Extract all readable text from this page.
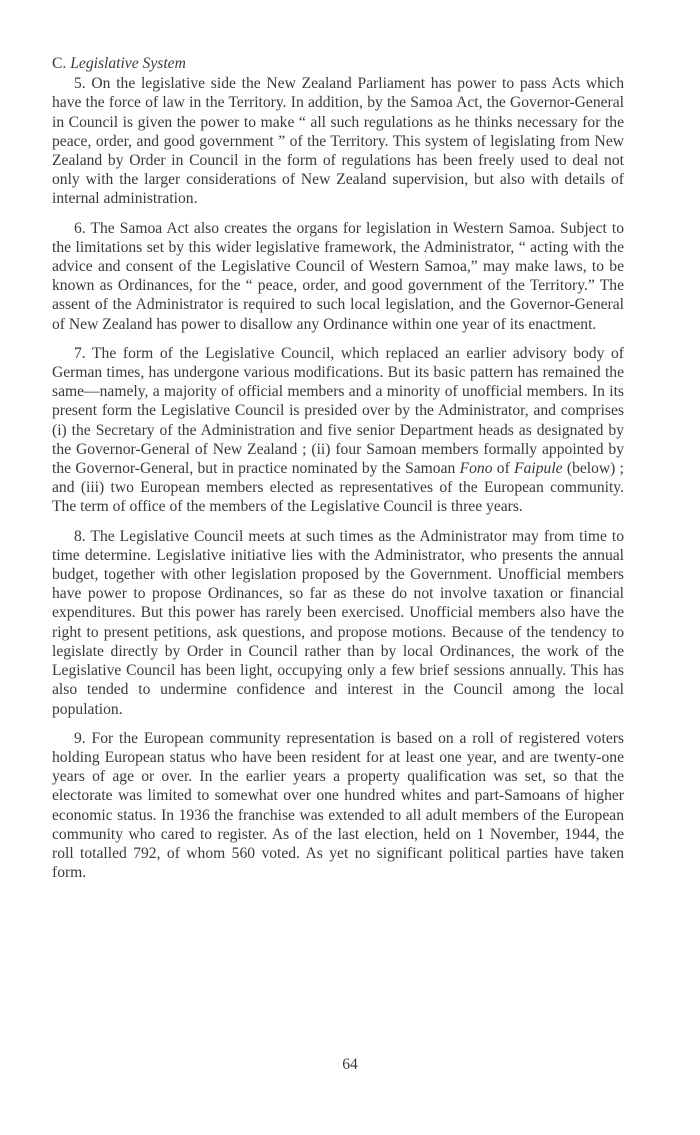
C. Legislative System

5. On the legislative side the New Zealand Parliament has power to pass Acts which have the force of law in the Territory. In addition, by the Samoa Act, the Governor-General in Council is given the power to make “ all such regulations as he thinks necessary for the peace, order, and good government ” of the Territory. This system of legislating from New Zealand by Order in Council in the form of regulations has been freely used to deal not only with the larger considerations of New Zealand supervision, but also with details of internal administration.

6. The Samoa Act also creates the organs for legislation in Western Samoa. Subject to the limitations set by this wider legislative framework, the Administrator, “ acting with the advice and consent of the Legislative Council of Western Samoa,” may make laws, to be known as Ordinances, for the “ peace, order, and good government of the Territory.” The assent of the Administrator is required to such local legislation, and the Governor-General of New Zealand has power to disallow any Ordinance within one year of its enactment.

7. The form of the Legislative Council, which replaced an earlier advisory body of German times, has undergone various modifications. But its basic pattern has remained the same—namely, a majority of official members and a minority of unofficial members. In its present form the Legislative Council is presided over by the Administrator, and comprises (i) the Secretary of the Administration and five senior Department heads as designated by the Governor-General of New Zealand ; (ii) four Samoan members formally appointed by the Governor-General, but in practice nominated by the Samoan Fono of Faipule (below) ; and (iii) two European members elected as representatives of the European community. The term of office of the members of the Legislative Council is three years.

8. The Legislative Council meets at such times as the Administrator may from time to time determine. Legislative initiative lies with the Administrator, who presents the annual budget, together with other legislation proposed by the Government. Unofficial members have power to propose Ordinances, so far as these do not involve taxation or financial expenditures. But this power has rarely been exercised. Unofficial members also have the right to present petitions, ask questions, and propose motions. Because of the tendency to legislate directly by Order in Council rather than by local Ordinances, the work of the Legislative Council has been light, occupying only a few brief sessions annually. This has also tended to undermine confidence and interest in the Council among the local population.

9. For the European community representation is based on a roll of registered voters holding European status who have been resident for at least one year, and are twenty-one years of age or over. In the earlier years a property qualification was set, so that the electorate was limited to somewhat over one hundred whites and part-Samoans of higher economic status. In 1936 the franchise was extended to all adult members of the European community who cared to register. As of the last election, held on 1 November, 1944, the roll totalled 792, of whom 560 voted. As yet no significant political parties have taken form.

64
